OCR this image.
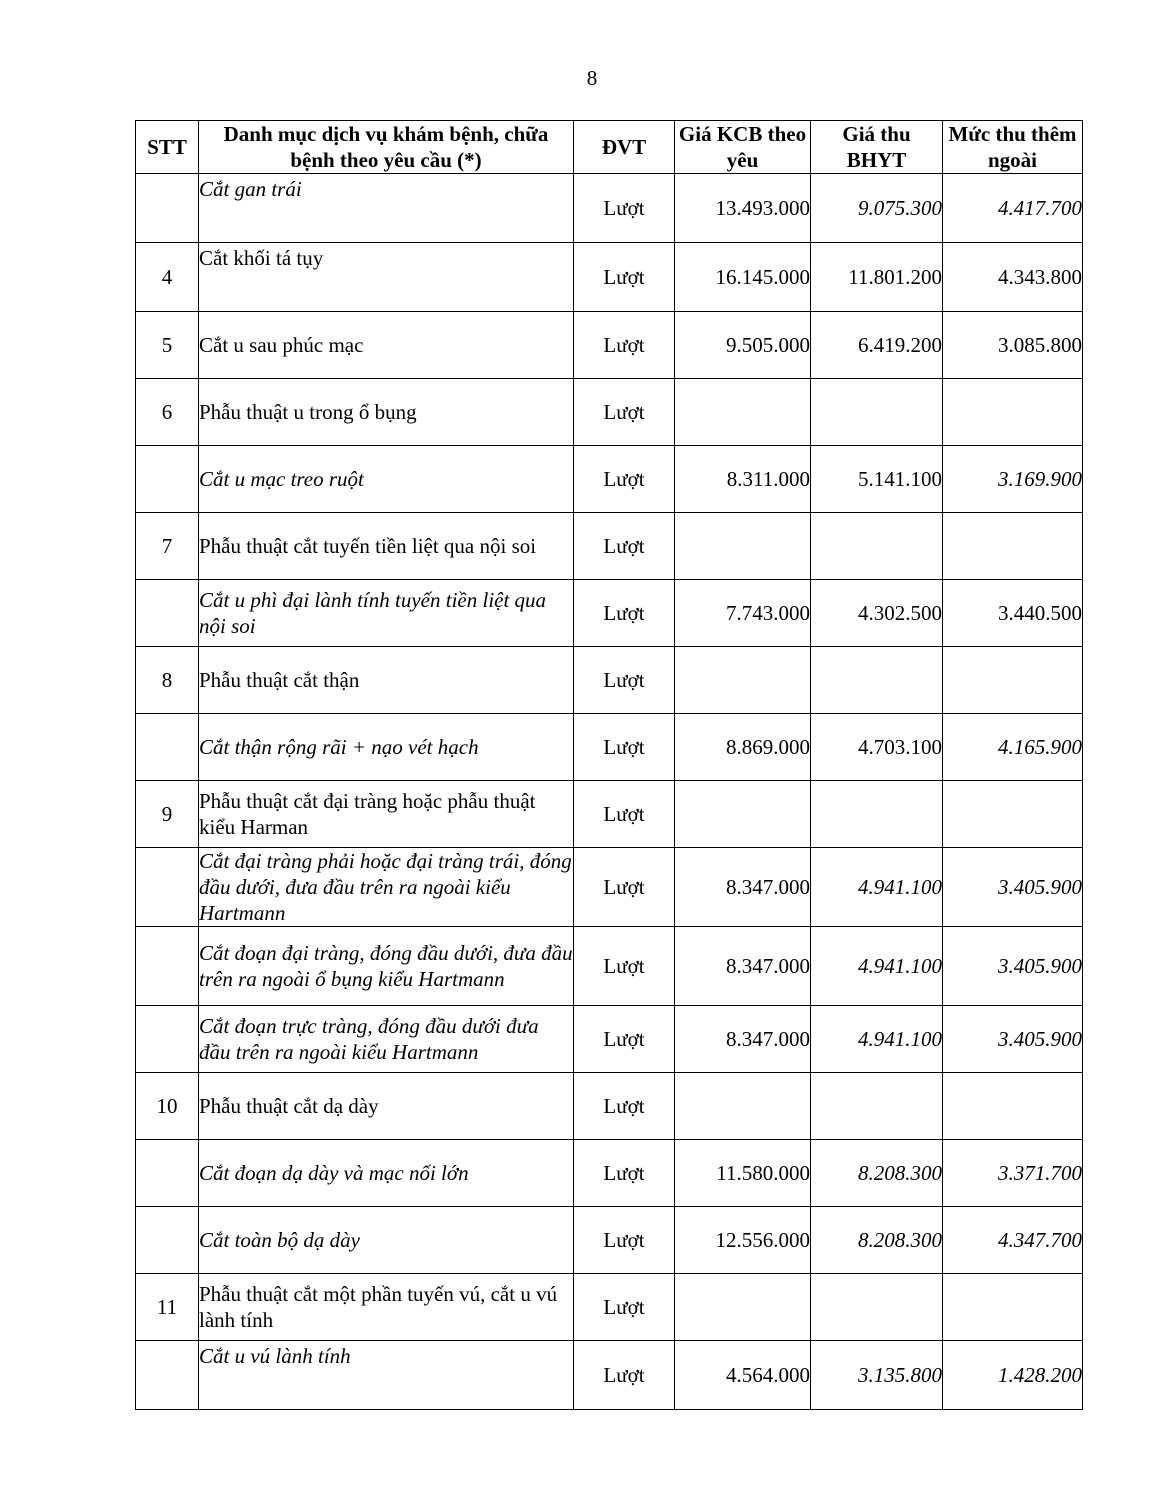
8
STT	Danh mục dịch vụ khám bệnh, chữa bệnh theo yêu cầu (*)	ĐVT	Giá KCB theo yêu	Giá thu BHYT	Mức thu thêm ngoài
	Cắt gan trái	Lượt	13.493.000	9.075.300	4.417.700
4	Cắt khối tá tụy	Lượt	16.145.000	11.801.200	4.343.800
5	Cắt u sau phúc mạc	Lượt	9.505.000	6.419.200	3.085.800
6	Phẫu thuật u trong ổ bụng	Lượt			
	Cắt u mạc treo ruột	Lượt	8.311.000	5.141.100	3.169.900
7	Phẫu thuật cắt tuyến tiền liệt qua nội soi	Lượt			
	Cắt u phì đại lành tính tuyến tiền liệt qua nội soi	Lượt	7.743.000	4.302.500	3.440.500
8	Phẫu thuật cắt thận	Lượt			
	Cắt thận rộng rãi + nạo vét hạch	Lượt	8.869.000	4.703.100	4.165.900
9	Phẫu thuật cắt đại tràng hoặc phẫu thuật kiểu Harman	Lượt			
	Cắt đại tràng phải hoặc đại tràng trái, đóng đầu dưới, đưa đầu trên ra ngoài kiểu Hartmann	Lượt	8.347.000	4.941.100	3.405.900
	Cắt đoạn đại tràng, đóng đầu dưới, đưa đầu trên ra ngoài ổ bụng kiểu Hartmann	Lượt	8.347.000	4.941.100	3.405.900
	Cắt đoạn trực tràng, đóng đầu dưới đưa đầu trên ra ngoài kiểu Hartmann	Lượt	8.347.000	4.941.100	3.405.900
10	Phẫu thuật cắt dạ dày	Lượt			
	Cắt đoạn dạ dày và mạc nối lớn	Lượt	11.580.000	8.208.300	3.371.700
	Cắt toàn bộ dạ dày	Lượt	12.556.000	8.208.300	4.347.700
11	Phẫu thuật cắt một phần tuyến vú, cắt u vú lành tính	Lượt			
	Cắt u vú lành tính	Lượt	4.564.000	3.135.800	1.428.200
